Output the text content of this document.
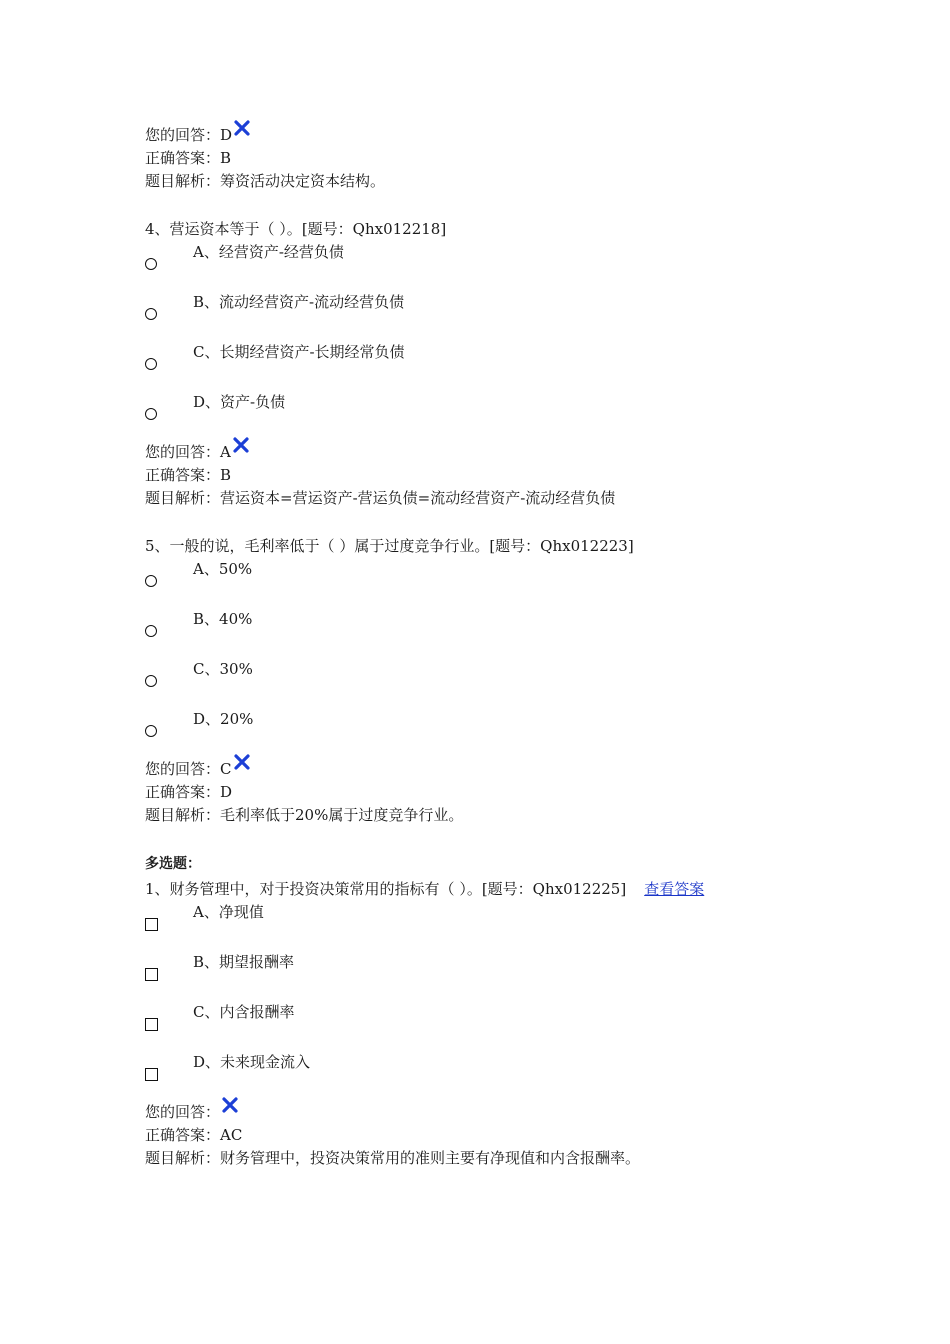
您的回答：D
正确答案：B
题目解析：筹资活动决定资本结构。
4、营运资本等于（ ）。[题号：Qhx012218]
A、经营资产-经营负债
B、流动经营资产-流动经营负债
C、长期经营资产-长期经常负债
D、资产-负债
您的回答：A
正确答案：B
题目解析：营运资本=营运资产-营运负债=流动经营资产-流动经营负债
5、一般的说，毛利率低于（ ）属于过度竞争行业。[题号：Qhx012223]
A、50%
B、40%
C、30%
D、20%
您的回答：C
正确答案：D
题目解析：毛利率低于20%属于过度竞争行业。
多选题：
1、财务管理中，对于投资决策常用的指标有（ ）。[题号：Qhx012225] 查看答案
A、净现值
B、期望报酬率
C、内含报酬率
D、未来现金流入
您的回答：
正确答案：AC
题目解析：财务管理中，投资决策常用的准则主要有净现值和内含报酬率。
